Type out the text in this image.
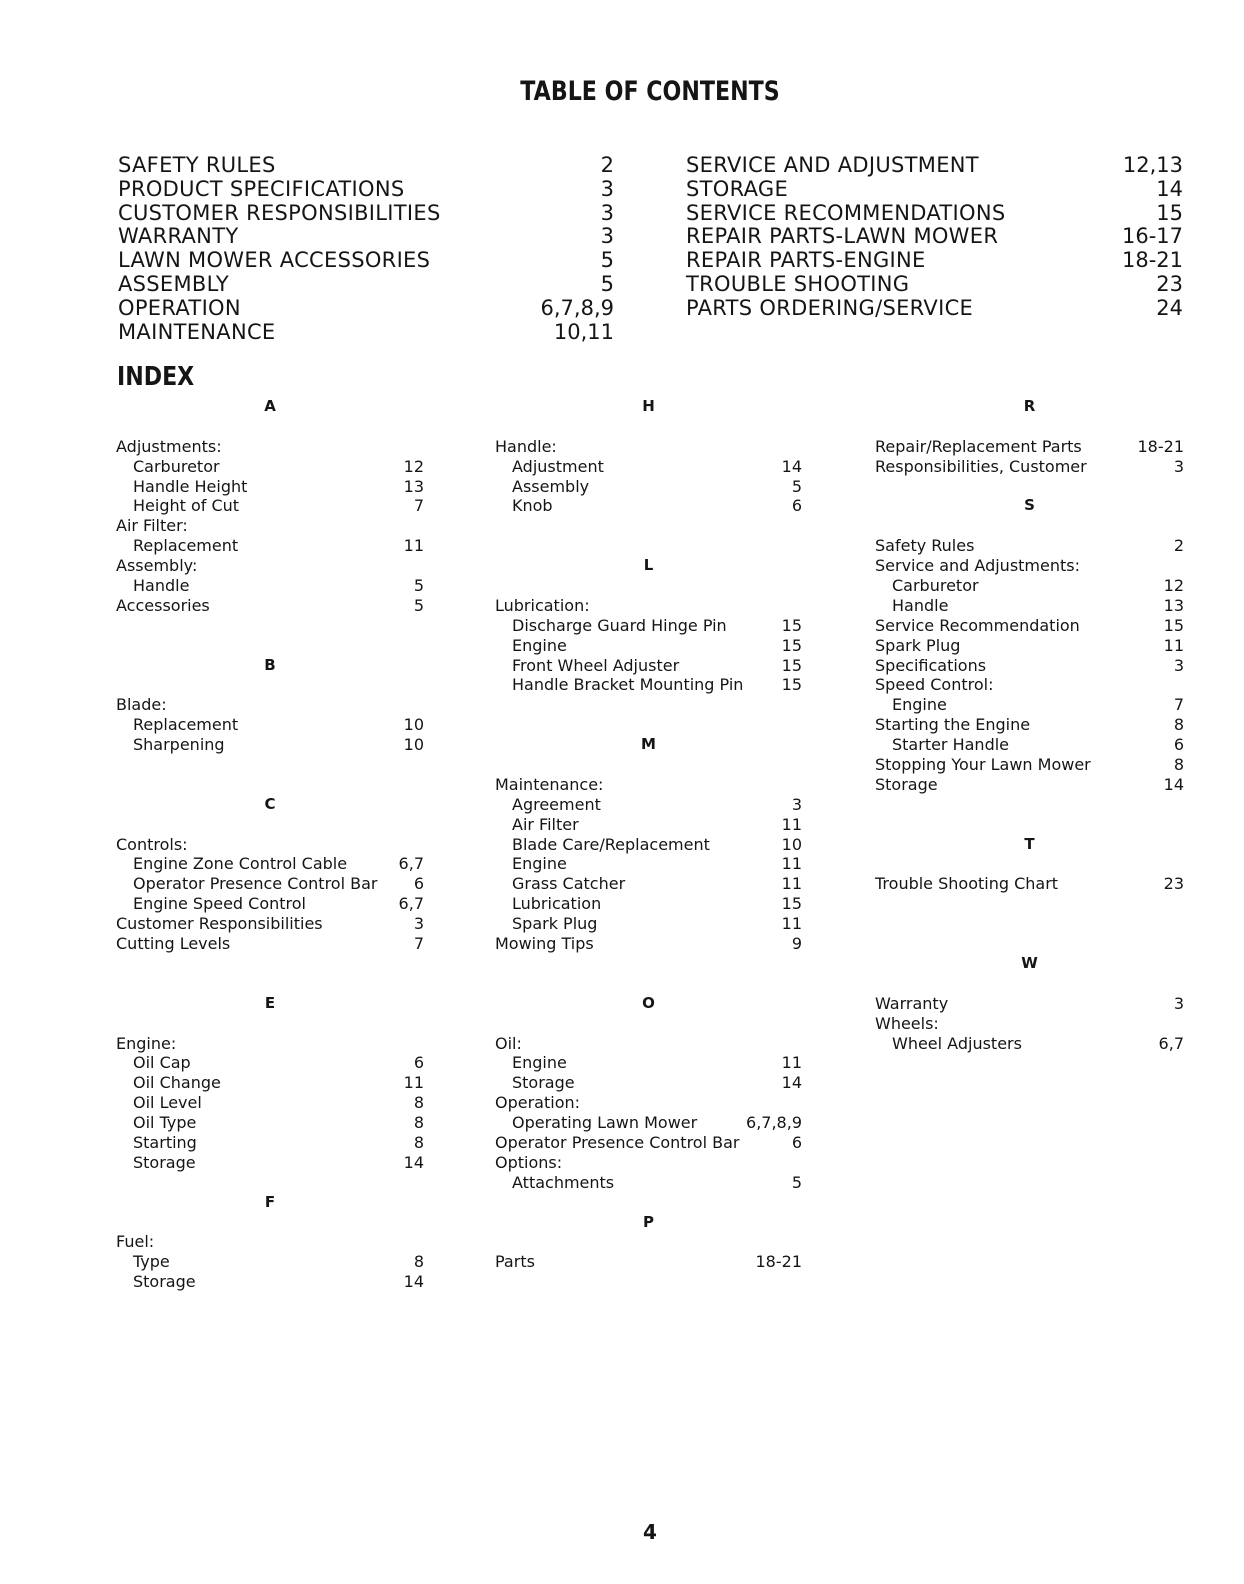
TABLE OF CONTENTS
SAFETY RULES	2
PRODUCT SPECIFICATIONS	3
CUSTOMER RESPONSIBILITIES	3
WARRANTY	3
LAWN MOWER ACCESSORIES	5
ASSEMBLY	5
OPERATION	6,7,8,9
MAINTENANCE	10,11
SERVICE AND ADJUSTMENT	12,13
STORAGE	14
SERVICE RECOMMENDATIONS	15
REPAIR PARTS-LAWN MOWER	16-17
REPAIR PARTS-ENGINE	18-21
TROUBLE SHOOTING	23
PARTS ORDERING/SERVICE	24
INDEX
A
Adjustments:
Carburetor	12
Handle Height	13
Height of Cut	7
Air Filter:
Replacement	11
Assembly:
Handle	5
Accessories	5
B
Blade:
Replacement	10
Sharpening	10
C
Controls:
Engine Zone Control Cable	6,7
Operator Presence Control Bar 6
Engine Speed Control	6,7
Customer Responsibilities	3
Cutting Levels	7
E
Engine:
Oil Cap	6
Oil Change	11
Oil Level	8
Oil Type	8
Starting	8
Storage	14
F
Fuel:
Type	8
Storage	14
H
Handle:
Adjustment	14
Assembly	5
Knob	6
L
Lubrication:
Discharge Guard Hinge Pin	15
Engine	15
Front Wheel Adjuster	15
Handle Bracket Mounting Pin 15
M
Maintenance:
Agreement	3
Air Filter	11
Blade Care/Replacement	10
Engine	11
Grass Catcher	11
Lubrication	15
Spark Plug	11
Mowing Tips	9
O
Oil:
Engine	11
Storage	14
Operation:
Operating Lawn Mower	6,7,8,9
Operator Presence Control Bar	6
Options:
Attachments	5
P
Parts	18-21
R
Repair/Replacement Parts	18-21
Responsibilities, Customer	3
S
Safety Rules	2
Service and Adjustments:
Carburetor	12
Handle	13
Service Recommendation	15
Spark Plug	11
Specifications	3
Speed Control:
Engine	7
Starting the Engine	8
Starter Handle	6
Stopping Your Lawn Mower	8
Storage	14
T
Trouble Shooting Chart	23
W
Warranty	3
Wheels:
Wheel Adjusters	6,7
4
